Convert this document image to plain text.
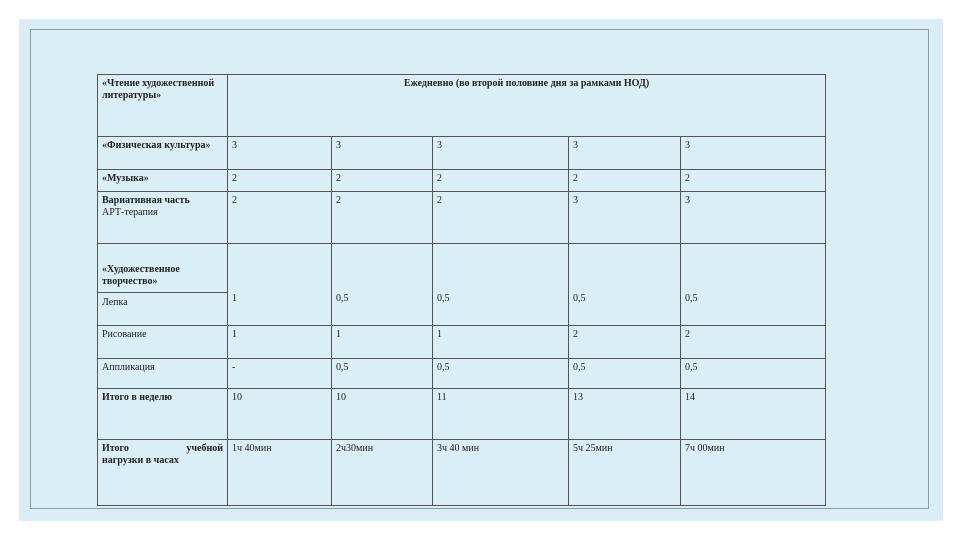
«Чтение художественной литературы»	Ежедневно (во второй половине дня за рамками НОД)				
«Физическая культура»	3	3	3	3	3
«Музыка»	2	2	2	2	2

Вариативная часть
АРТ-терапия	2	2	2	3	3

«Художественное творчество»
Лепка	1	0,5	0,5	0,5	0,5
Рисование	1	1	1	2	2
Аппликация	-	0,5	0,5	0,5	0,5
Итого в неделю	10	10	11	13	14

Итого учебной
нагрузки в часах	1ч 40мин	2ч30мин	3ч 40 мин	5ч 25мин	7ч 00мин
